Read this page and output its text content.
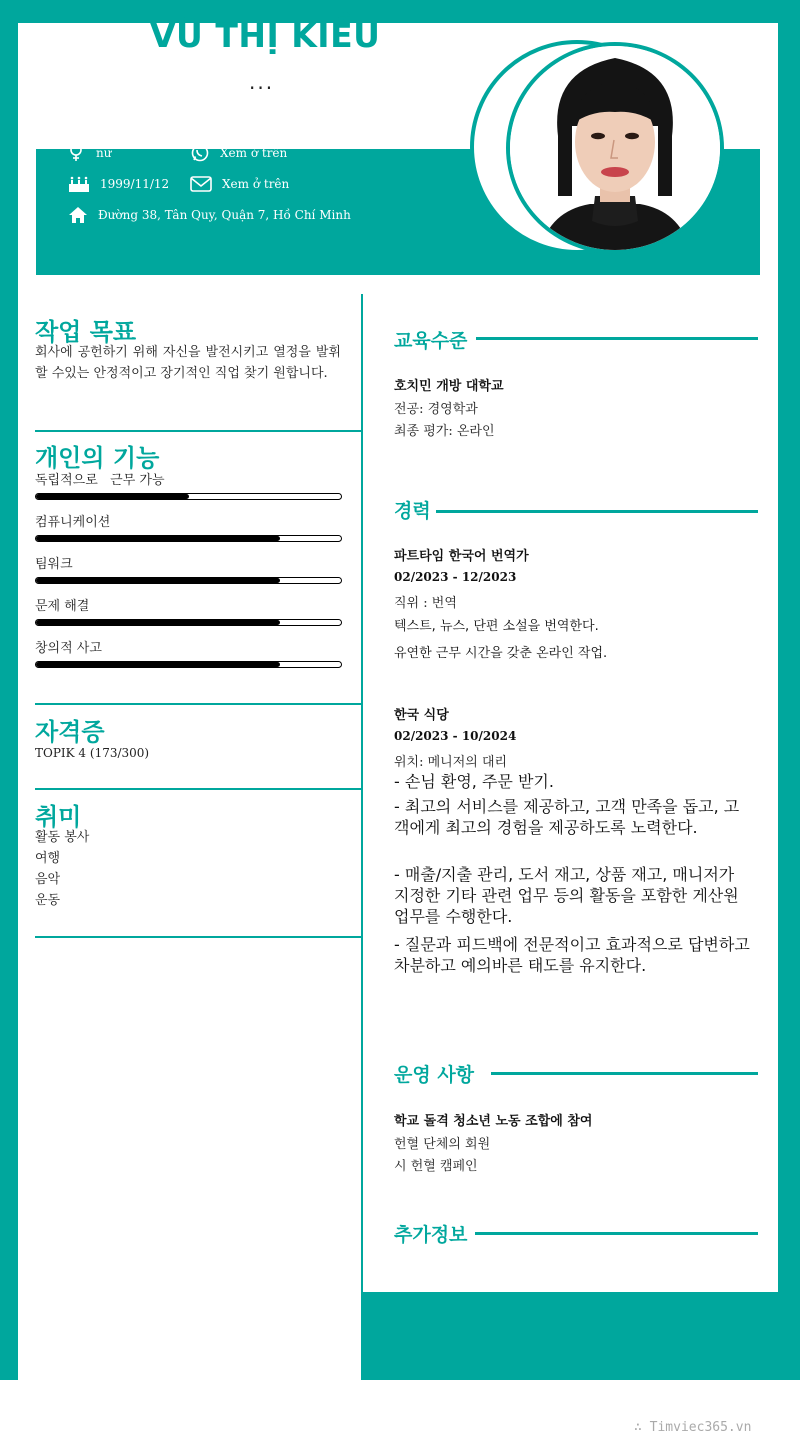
VŨ THỊ KIỀU
...
nữ	Xem ở trên
1999/11/12	Xem ở trên
Đường 38, Tân Quy, Quận 7, Hồ Chí Minh
작업 목표
회사에 공헌하기 위해 자신을 발전시키고 열정을 발휘할 수있는 안정적이고 장기적인 직업 찾기 원합니다.
개인의 기능
독립적으로   근무 가능
컴퓨니케이션
팀워크
문제 해결
창의적 사고
자격증
TOPIK 4 (173/300)
취미
활동 봉사
여행
음악
운동
교육수준
호치민 개방 대학교
전공: 경영학과
최종 평가: 온라인
경력
파트타임 한국어 번역가
02/2023 - 12/2023
직위 : 번역
텍스트, 뉴스, 단편 소설을 번역한다.
유연한 근무 시간을 갖춘 온라인 작업.
한국 식당
02/2023 - 10/2024
위치: 메니저의 대리
- 손님 환영, 주문 받기.
- 최고의 서비스를 제공하고, 고객 만족을 돕고, 고객에게 최고의 경험을 제공하도록 노력한다.
- 매출/지출 관리, 도서 재고, 상품 재고, 매니저가 지정한 기타 관련 업무 등의 활동을 포함한 게산원 업무를 수행한다.
- 질문과 피드백에 전문적이고 효과적으로 답변하고 차분하고 예의바른 태도를 유지한다.
운영 사항
학교 돌격 청소년 노동 조합에 참여
헌혈 단체의 회원
시 헌혈 캠페인
추가정보
∴ Timviec365.vn
